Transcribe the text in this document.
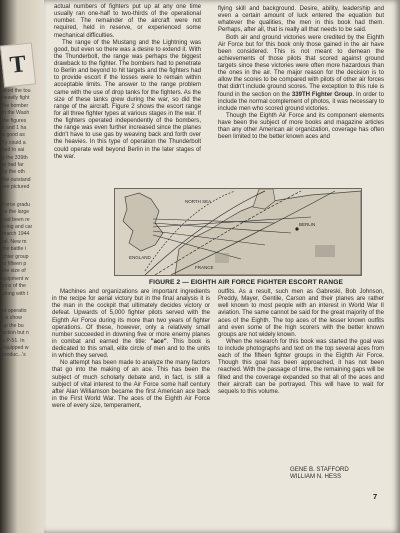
T
aced the tou
heavily fight
the bomber
in the Wash
the figures
s and 1 ha
a good as
Ty could a
fied to sai
y the 339th
ts had far
by the oth
the outstand
are pictured
Force gradu
ce the large
had been re
ering and car
march 1944
tal. New m
the battle i
ghter group
to fifteen p
the size of
quipment w
ions of the
along with t
ot operatio
l is show
up the bu
action but n
a P-51. In
equipped w
produc...'s

actual numbers of fighters put up at any one time usually ran one-half to two-thirds of the operational number. The remainder of the aircraft were not required, held in reserve, or experienced some mechanical difficulties.

The range of the Mustang and the Lightning was good, but even so there was a desire to extend it. With the Thunderbolt, the range was perhaps the biggest drawback to the fighter. The bombers had to penetrate to Berlin and beyond to hit targets and the fighters had to provide escort if the losses were to remain within acceptable limits. The answer to the range problem came with the use of drop tanks for the fighters. As the size of these tanks grew during the war, so did the range of the aircraft. Figure 2 shows the escort range for all three fighter types at various stages in the war. If the fighters operated independently of the bombers, the range was even further increased since the planes didn't have to use gas by weaving back and forth over the heavies. In this type of operation the Thunderbolt could operate well beyond Berlin in the later stages of the war.

flying skill and background. Desire, ability, leadership and even a certain amount of luck entered the equation but whatever the qualities, the men in this book had them. Perhaps, after all, that is really all that needs to be said.

Both air and ground victories were credited by the Eighth Air Force but for this book only those gained in the air have been considered. This is not meant to demean the achievements of those pilots that scored against ground targets since these victories were often more hazardous than the ones in the air. The major reason for the decision is to allow the scores to be compared with pilots of other air forces that didn't include ground scores. The exception to this rule is found in the section on the 339TH Fighter Group. In order to include the normal complement of photos, it was necessary to include men who scored ground victories.

Though the Eighth Air Force and its component elements have been the subject of more books and magazine articles than any other American air organization, coverage has often been limited to the better known aces and

ENGLAND
NORTH SEA
BERLIN
FRANCE
FIGURE 2 — EIGHTH AIR FORCE FIGHTER ESCORT RANGE

Machines and organizations are important ingredients in the recipe for aerial victory but in the final analysis it is the man in the cockpit that ultimately decides victory or defeat. Upwards of 5,000 fighter pilots served with the Eighth Air Force during its more than two years of fighter operations. Of these, however, only a relatively small number succeeded in downing five or more enemy planes in combat and earned the title: "ace". This book is dedicated to this small, elite circle of men and to the units in which they served.

No attempt has been made to analyze the many factors that go into the making of an ace. This has been the subject of much scholarly debate and, in fact, is still a subject of vital interest to the Air Force some half century after Alan Williamson became the first American ace back in the First World War. The aces of the Eighth Air Force were of every size, temperament,

outfits. As a result, such men as Gabreski, Bob Johnson, Preddy, Mayer, Gentile, Carson and their planes are rather well known to most people with an interest in World War II aviation. The same cannot be said for the great majority of the aces of the Eighth. The top aces of the lesser known outfits and even some of the high scorers with the better known groups are not widely known.

When the research for this book was started the goal was to include photographs and text on the top several aces from each of the fifteen fighter groups in the Eighth Air Force. Though this goal has been approached, it has not been reached. With the passage of time, the remaining gaps will be filled and the coverage expanded so that all of the aces and their aircraft can be portrayed. This will have to wait for sequels to this volume.

GENE B. STAFFORD
WILLIAM N. HESS
7
